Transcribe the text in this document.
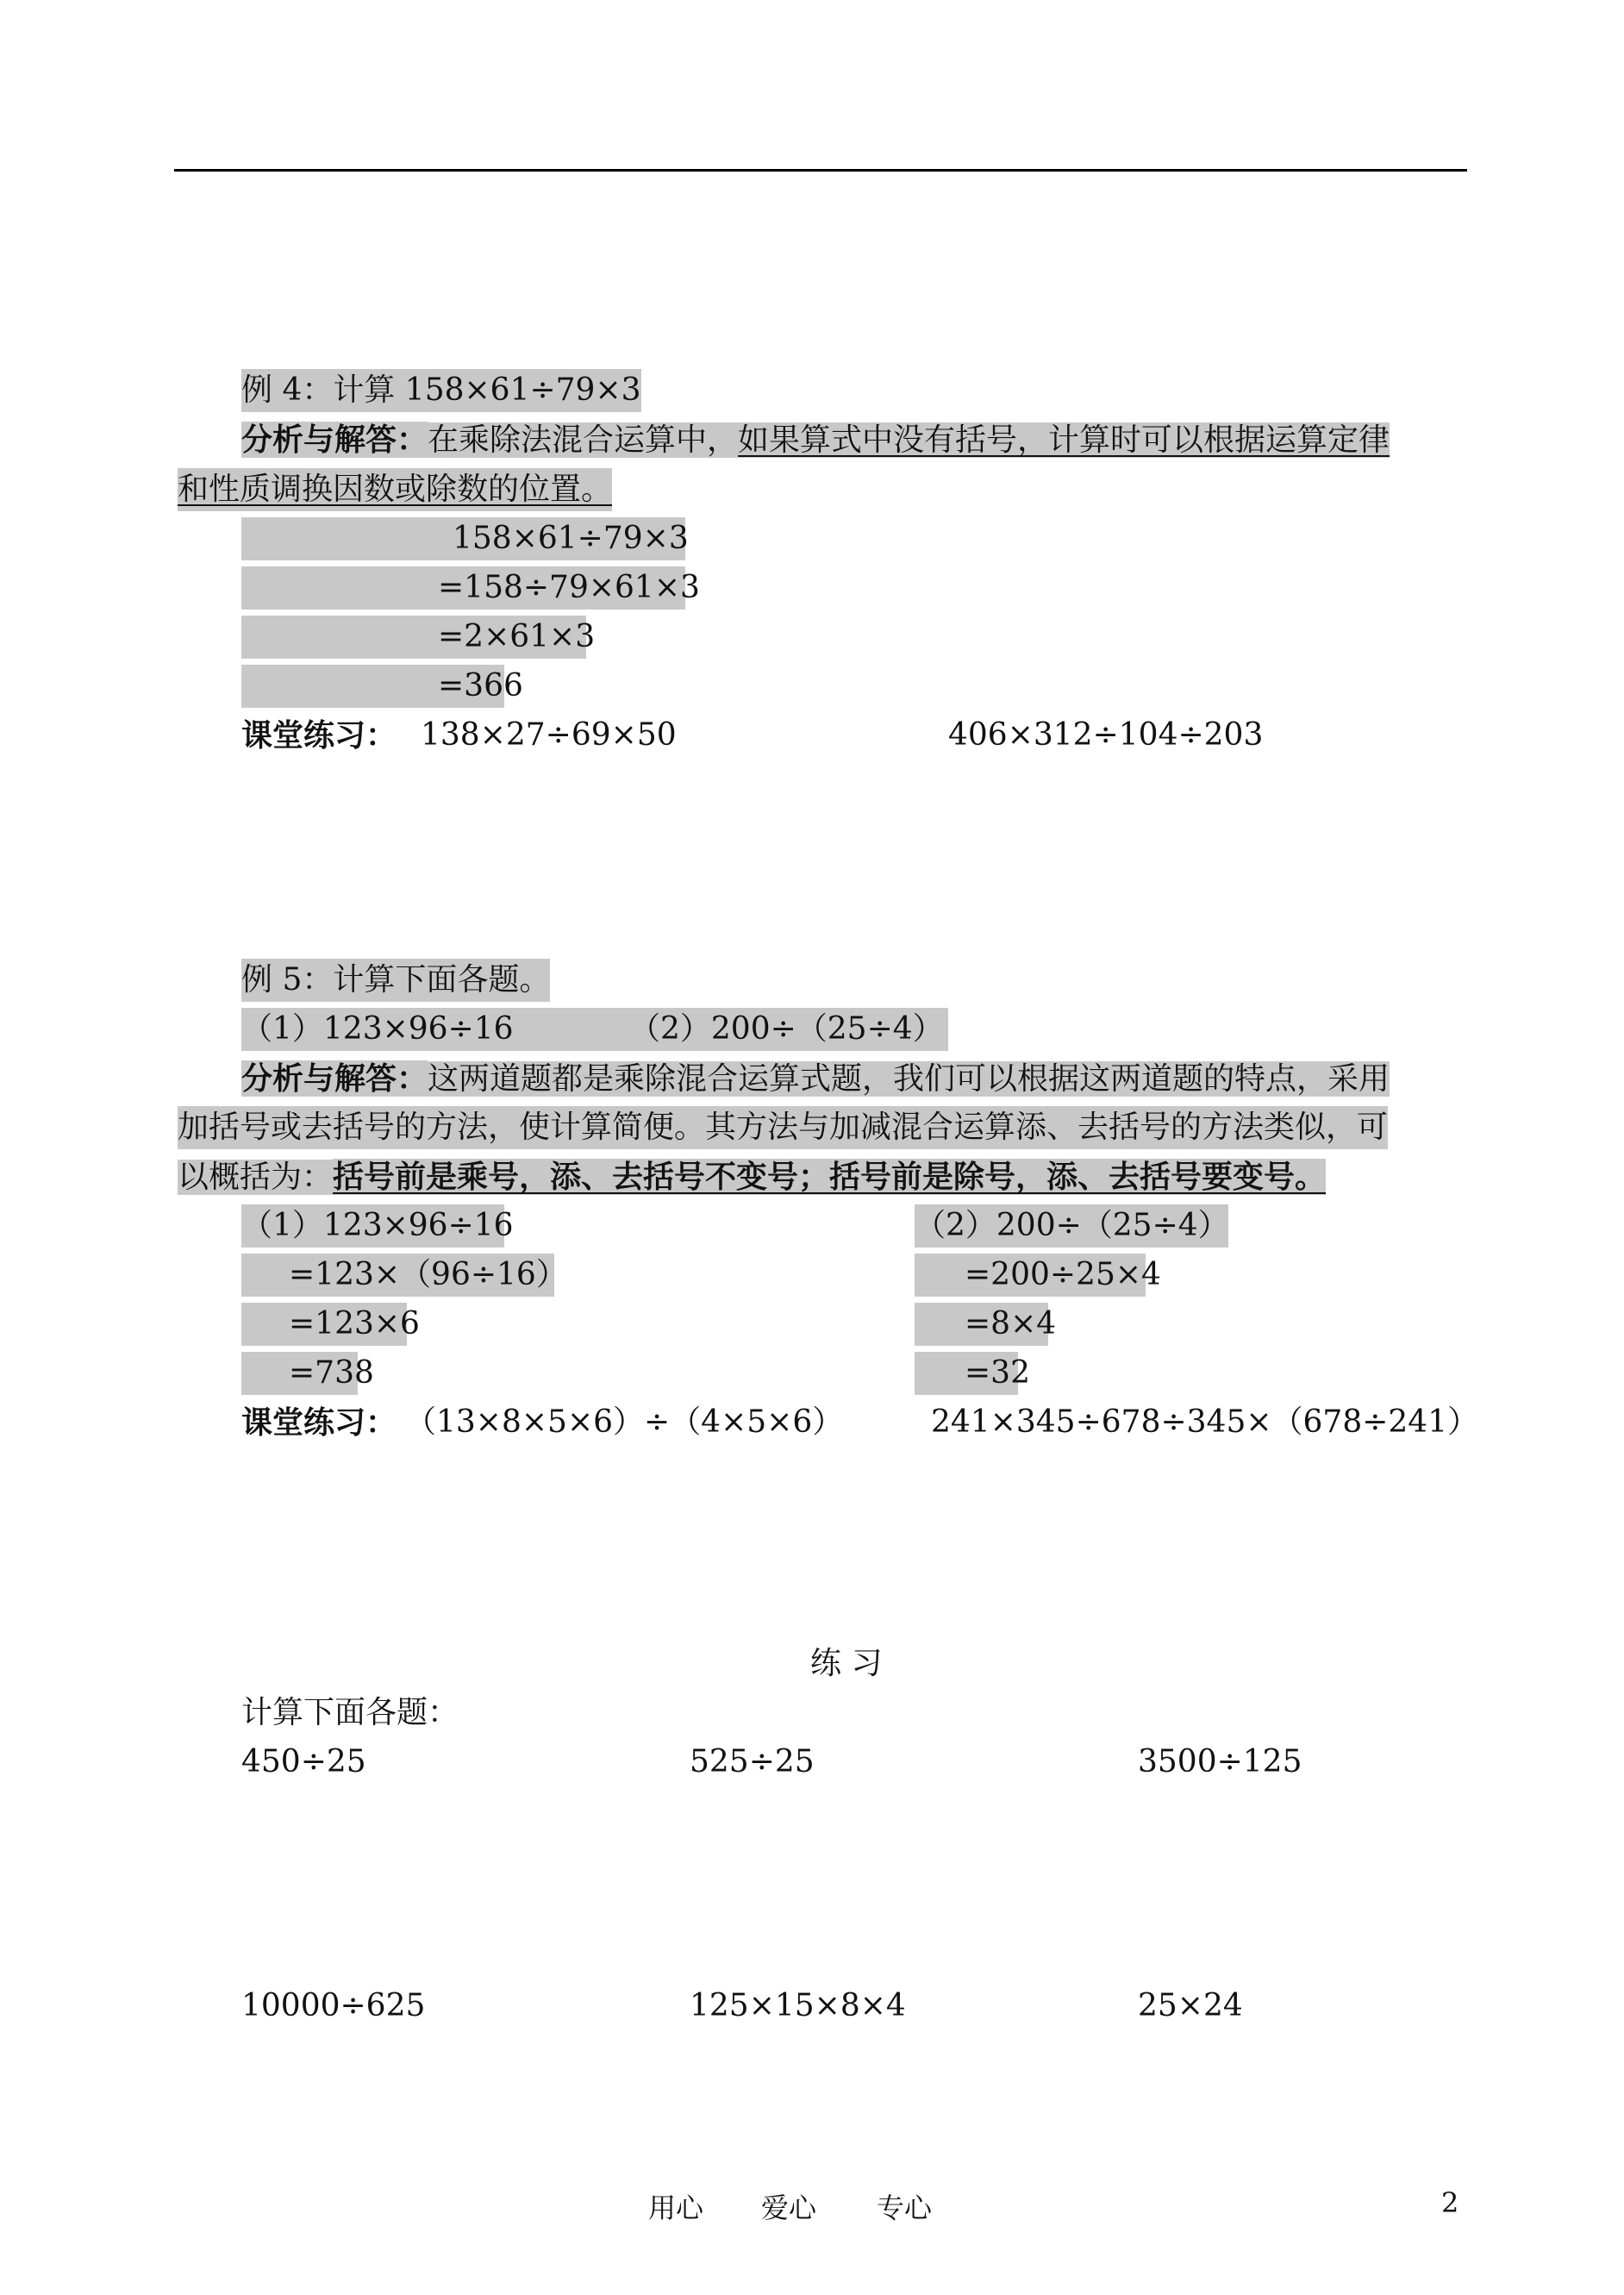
例 4：计算 158×61÷79×3
分析与解答：在乘除法混合运算中，如果算式中没有括号，计算时可以根据运算定律
和性质调换因数或除数的位置。
158×61÷79×3
=158÷79×61×3
=2×61×3
=366
课堂练习： 138×27÷69×50	406×312÷104÷203
例 5：计算下面各题。
（1）123×96÷16	（2）200÷（25÷4）
分析与解答：这两道题都是乘除混合运算式题，我们可以根据这两道题的特点，采用
加括号或去括号的方法，使计算简便。其方法与加减混合运算添、去括号的方法类似，可
以概括为：括号前是乘号，添、去括号不变号；括号前是除号，添、去括号要变号。
（1）123×96÷16
=123×（96÷16）
=123×6
=738
（2）200÷（25÷4）
=200÷25×4
=8×4
=32
课堂练习： （13×8×5×6）÷（4×5×6）	241×345÷678÷345×（678÷241）
练 习
计算下面各题：
450÷25	525÷25	3500÷125
10000÷625	125×15×8×4	25×24
用心 爱心 专心	2
